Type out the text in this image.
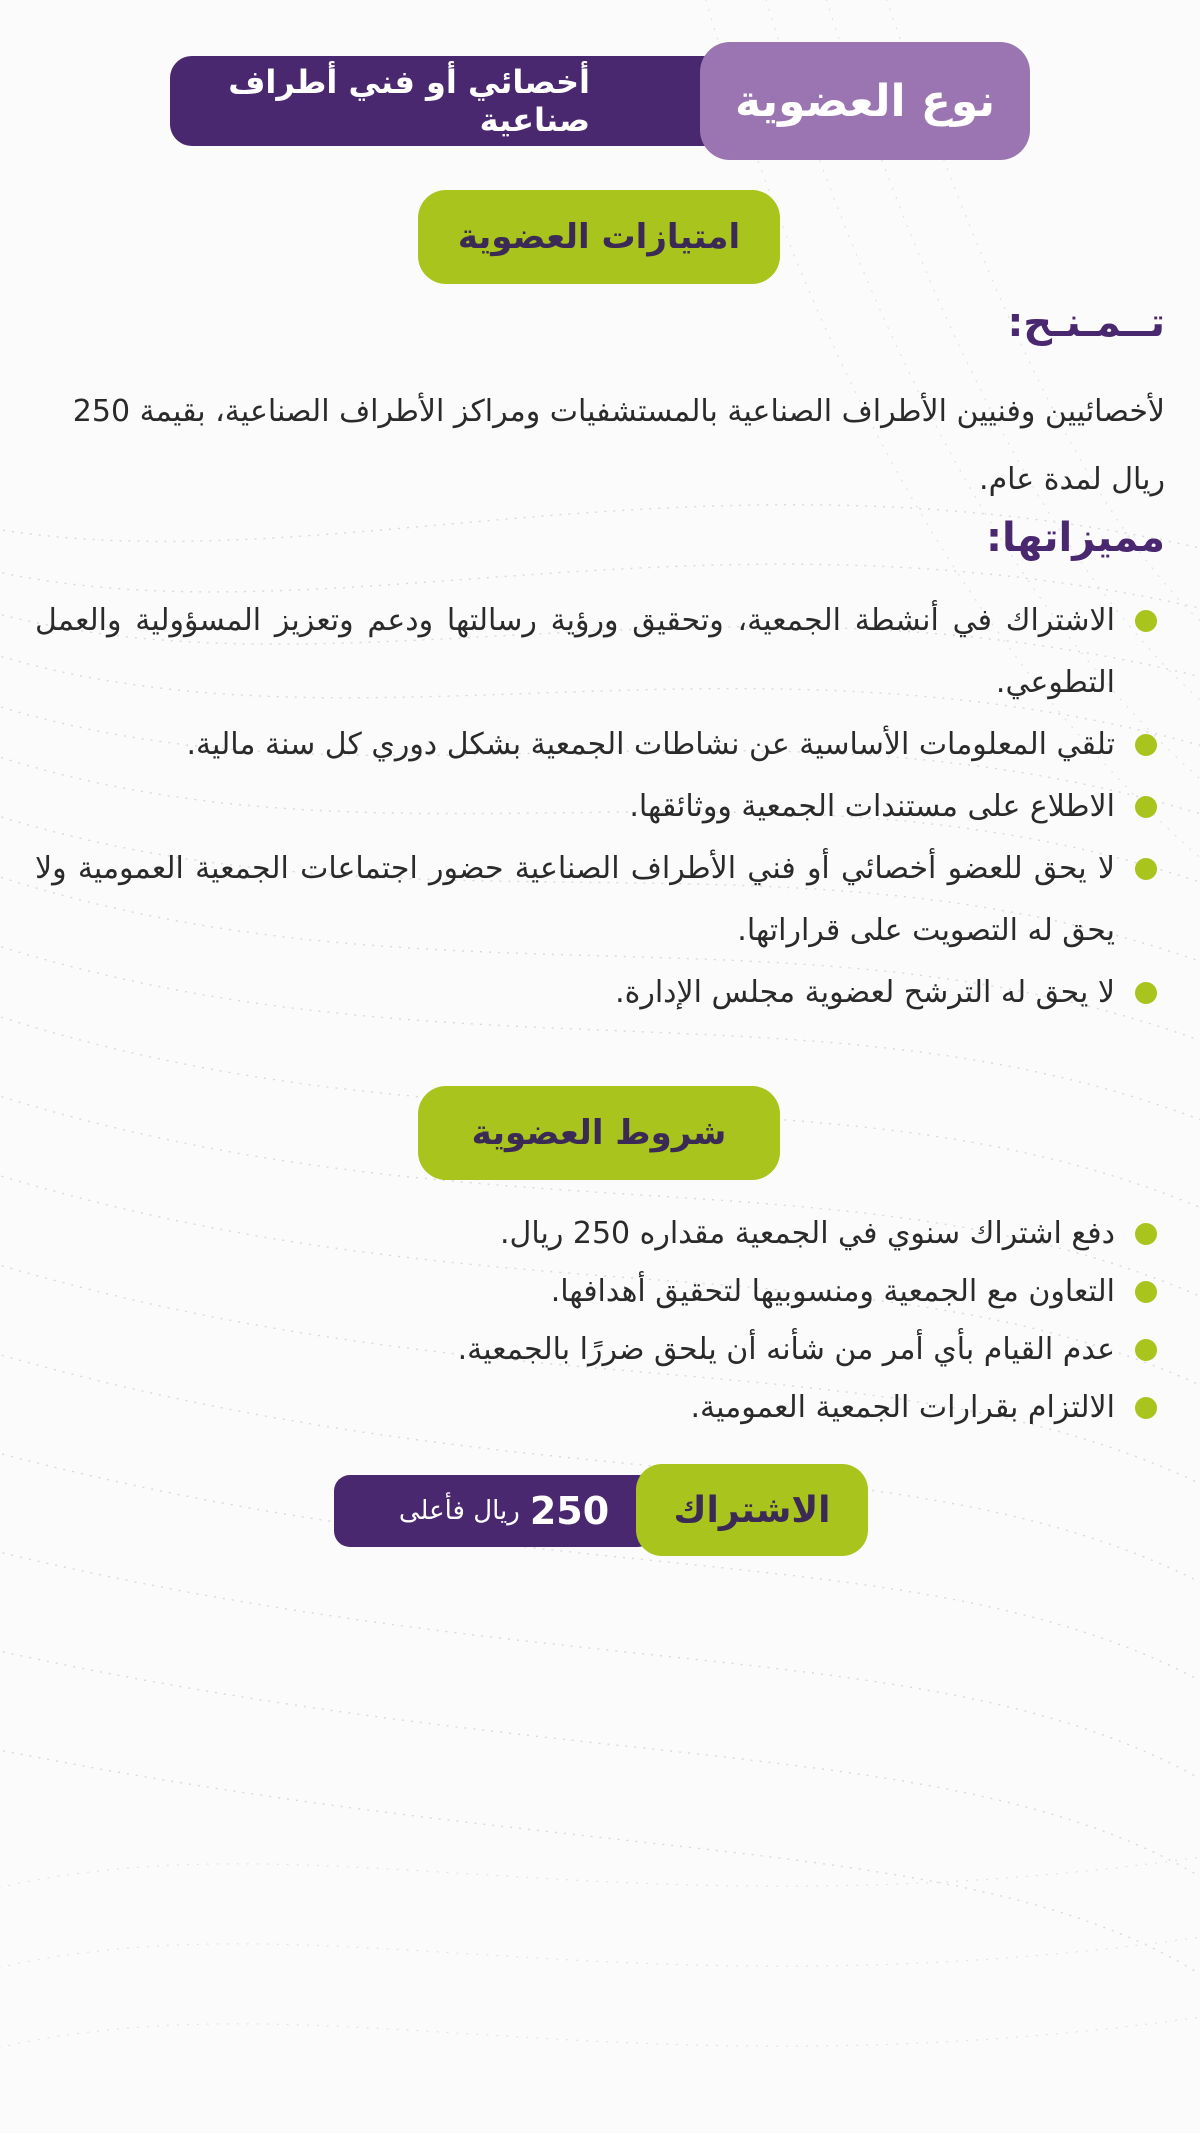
أخصائي أو فني أطراف صناعية	نوع العضوية
امتيازات العضوية
تــمـنـح:
لأخصائيين وفنيين الأطراف الصناعية بالمستشفيات ومراكز الأطراف الصناعية، بقيمة 250 ريال لمدة عام.
مميزاتها:
الاشتراك في أنشطة الجمعية، وتحقيق ورؤية رسالتها ودعم وتعزيز المسؤولية والعمل التطوعي.
تلقي المعلومات الأساسية عن نشاطات الجمعية بشكل دوري كل سنة مالية.
الاطلاع على مستندات الجمعية ووثائقها.
لا يحق للعضو أخصائي أو فني الأطراف الصناعية حضور اجتماعات الجمعية العمومية ولا يحق له التصويت على قراراتها.
لا يحق له الترشح لعضوية مجلس الإدارة.
شروط العضوية
دفع اشتراك سنوي في الجمعية مقداره 250 ريال.
التعاون مع الجمعية ومنسوبيها لتحقيق أهدافها.
عدم القيام بأي أمر من شأنه أن يلحق ضررًا بالجمعية.
الالتزام بقرارات الجمعية العمومية.
250
ريال فأعلى	الاشتراك
